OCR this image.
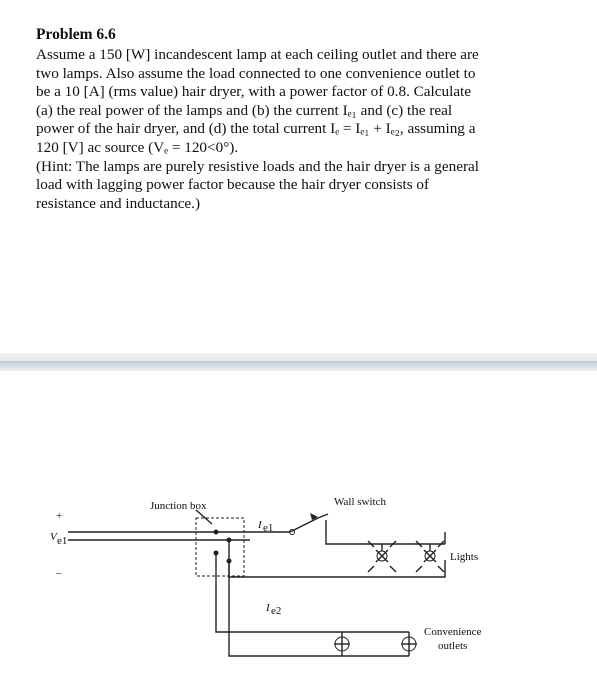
Problem 6.6

Assume a 150 [W] incandescent lamp at each ceiling outlet and there are

two lamps. Also assume the load connected to one convenience outlet to

be a 10 [A] (rms value) hair dryer, with a power factor of 0.8. Calculate

(a) the real power of the lamps and (b) the current Iₑ₁ and (c) the real

power of the hair dryer, and (d) the total current Iₑ = Iₑ₁ + Iₑ₂, assuming a

120 [V] ac source (Vₑ = 120<0°).

(Hint: The lamps are purely resistive loads and the hair dryer is a general

load with lagging power factor because the hair dryer consists of

resistance and inductance.)

+
–
V e1
Junction box
I e1
Wall switch
Lights
I e2
Convenience
outlets
